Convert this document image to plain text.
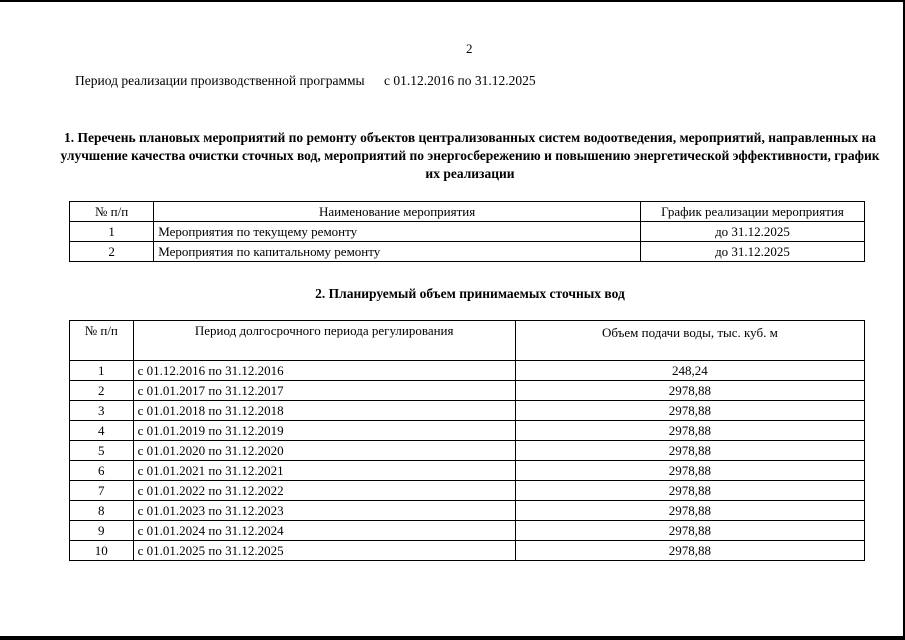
2
Период реализации производственной программы с 01.12.2016 по 31.12.2025
1. Перечень плановых мероприятий по ремонту объектов централизованных систем водоотведения, мероприятий, направленных на улучшение качества очистки сточных вод, мероприятий по энергосбережению и повышению энергетической эффективности, график их реализации
№ п/п	Наименование мероприятия	График реализации мероприятия
1	Мероприятия по текущему ремонту	до 31.12.2025
2	Мероприятия по капитальному ремонту	до 31.12.2025
2. Планируемый объем принимаемых сточных вод
№ п/п	Период долгосрочного периода регулирования	Объем подачи воды, тыс. куб. м
1	с 01.12.2016 по 31.12.2016	248,24
2	с 01.01.2017 по 31.12.2017	2978,88
3	с 01.01.2018 по 31.12.2018	2978,88
4	с 01.01.2019 по 31.12.2019	2978,88
5	с 01.01.2020 по 31.12.2020	2978,88
6	с 01.01.2021 по 31.12.2021	2978,88
7	с 01.01.2022 по 31.12.2022	2978,88
8	с 01.01.2023 по 31.12.2023	2978,88
9	с 01.01.2024 по 31.12.2024	2978,88
10	с 01.01.2025 по 31.12.2025	2978,88
